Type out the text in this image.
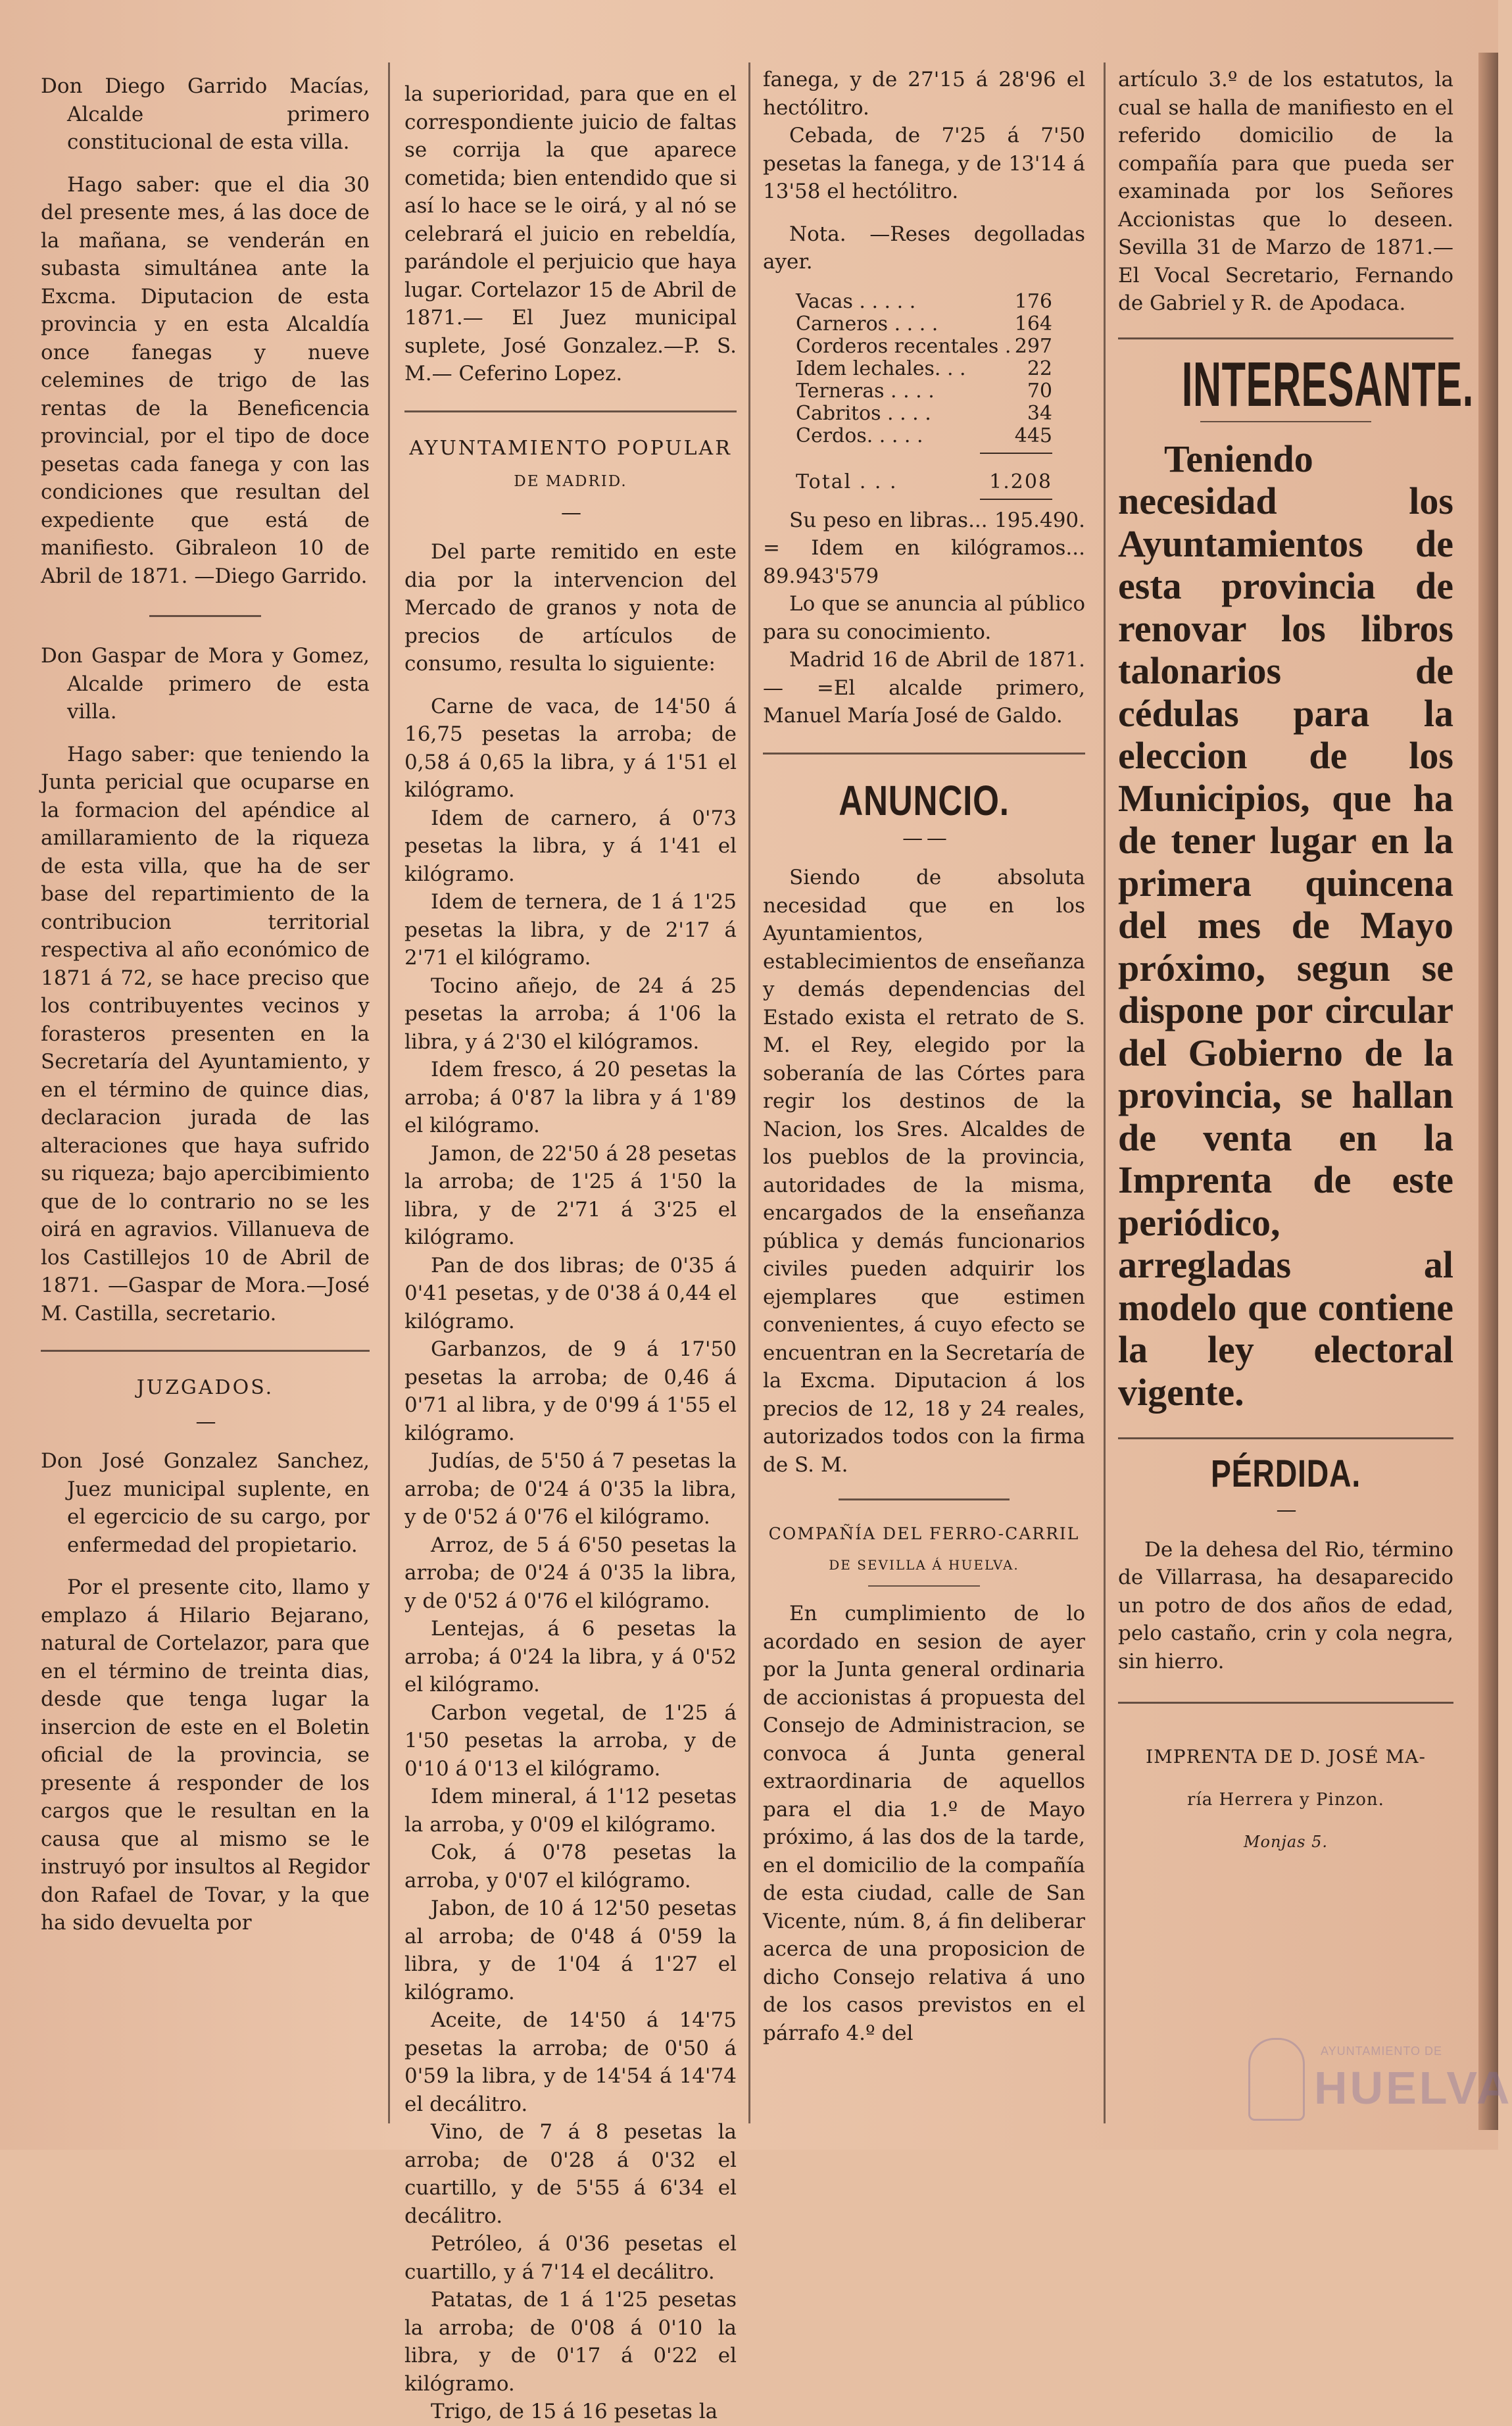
Don Diego Garrido Macías, Alcalde primero constitucional de esta villa.

Hago saber: que el dia 30 del presente mes, á las doce de la mañana, se venderán en subasta simultánea ante la Excma. Diputacion de esta provincia y en esta Alcaldía once fanegas y nueve celemines de trigo de las rentas de la Beneficencia provincial, por el tipo de doce pesetas cada fanega y con las condiciones que resultan del expediente que está de manifiesto. Gibraleon 10 de Abril de 1871. —Diego Garrido.

Don Gaspar de Mora y Gomez, Alcalde primero de esta villa.

Hago saber: que teniendo la Junta pericial que ocuparse en la formacion del apéndice al amillaramiento de la riqueza de esta villa, que ha de ser base del repartimiento de la contribucion territorial respectiva al año económico de 1871 á 72, se hace preciso que los contribuyentes vecinos y forasteros presenten en la Secretaría del Ayuntamiento, y en el término de quince dias, declaracion jurada de las alteraciones que haya sufrido su riqueza; bajo apercibimiento que de lo contrario no se les oirá en agravios. Villanueva de los Castillejos 10 de Abril de 1871. —Gaspar de Mora.—José M. Castilla, secretario.

JUZGADOS.

—

Don José Gonzalez Sanchez, Juez municipal suplente, en el egercicio de su cargo, por enfermedad del propietario.

Por el presente cito, llamo y emplazo á Hilario Bejarano, natural de Cortelazor, para que en el término de treinta dias, desde que tenga lugar la insercion de este en el Boletin oficial de la provincia, se presente á responder de los cargos que le resultan en la causa que al mismo se le instruyó por insultos al Regidor don Rafael de Tovar, y la que ha sido devuelta por

la superioridad, para que en el correspondiente juicio de faltas se corrija la que aparece cometida; bien entendido que si así lo hace se le oirá, y al nó se celebrará el juicio en rebeldía, parándole el perjuicio que haya lugar. Cortelazor 15 de Abril de 1871.— El Juez municipal suplete, José Gonzalez.—P. S. M.— Ceferino Lopez.

AYUNTAMIENTO POPULAR

DE MADRID.

—

Del parte remitido en este dia por la intervencion del Mercado de granos y nota de precios de artículos de consumo, resulta lo siguiente:

Carne de vaca, de 14'50 á 16,75 pesetas la arroba; de 0,58 á 0,65 la libra, y á 1'51 el kilógramo.

Idem de carnero, á 0'73 pesetas la libra, y á 1'41 el kilógramo.

Idem de ternera, de 1 á 1'25 pesetas la libra, y de 2'17 á 2'71 el kilógramo.

Tocino añejo, de 24 á 25 pesetas la arroba; á 1'06 la libra, y á 2'30 el kilógramos.

Idem fresco, á 20 pesetas la arroba; á 0'87 la libra y á 1'89 el kilógramo.

Jamon, de 22'50 á 28 pesetas la arroba; de 1'25 á 1'50 la libra, y de 2'71 á 3'25 el kilógramo.

Pan de dos libras; de 0'35 á 0'41 pesetas, y de 0'38 á 0,44 el kilógramo.

Garbanzos, de 9 á 17'50 pesetas la arroba; de 0,46 á 0'71 al libra, y de 0'99 á 1'55 el kilógramo.

Judías, de 5'50 á 7 pesetas la arroba; de 0'24 á 0'35 la libra, y de 0'52 á 0'76 el kilógramo.

Arroz, de 5 á 6'50 pesetas la arroba; de 0'24 á 0'35 la libra, y de 0'52 á 0'76 el kilógramo.

Lentejas, á 6 pesetas la arroba; á 0'24 la libra, y á 0'52 el kilógramo.

Carbon vegetal, de 1'25 á 1'50 pesetas la arroba, y de 0'10 á 0'13 el kilógramo.

Idem mineral, á 1'12 pesetas la arroba, y 0'09 el kilógramo.

Cok, á 0'78 pesetas la arroba, y 0'07 el kilógramo.

Jabon, de 10 á 12'50 pesetas al arroba; de 0'48 á 0'59 la libra, y de 1'04 á 1'27 el kilógramo.

Aceite, de 14'50 á 14'75 pesetas la arroba; de 0'50 á 0'59 la libra, y de 14'54 á 14'74 el decálitro.

Vino, de 7 á 8 pesetas la arroba; de 0'28 á 0'32 el cuartillo, y de 5'55 á 6'34 el decálitro.

Petróleo, á 0'36 pesetas el cuartillo, y á 7'14 el decálitro.

Patatas, de 1 á 1'25 pesetas la arroba; de 0'08 á 0'10 la libra, y de 0'17 á 0'22 el kilógramo.

Trigo, de 15 á 16 pesetas la

fanega, y de 27'15 á 28'96 el hectólitro.

Cebada, de 7'25 á 7'50 pesetas la fanega, y de 13'14 á 13'58 el hectólitro.

Nota. —Reses degolladas ayer.

Vacas . . . . .	176
Carneros . . . .	164
Corderos recentales . 297
Idem lechales. . .	22
Terneras . . . .	70
Cabritos . . . .	34
Cerdos. . . . .	445
Total . . .	1.208

Su peso en libras... 195.490. = Idem en kilógramos... 89.943'579

Lo que se anuncia al público para su conocimiento.

Madrid 16 de Abril de 1871.— =El alcalde primero, Manuel María José de Galdo.

ANUNCIO.

— —

Siendo de absoluta necesidad que en los Ayuntamientos, establecimientos de enseñanza y demás dependencias del Estado exista el retrato de S. M. el Rey, elegido por la soberanía de las Córtes para regir los destinos de la Nacion, los Sres. Alcaldes de los pueblos de la provincia, autoridades de la misma, encargados de la enseñanza pública y demás funcionarios civiles pueden adquirir los ejemplares que estimen convenientes, á cuyo efecto se encuentran en la Secretaría de la Excma. Diputacion á los precios de 12, 18 y 24 reales, autorizados todos con la firma de S. M.

COMPAÑÍA DEL FERRO-CARRIL

DE SEVILLA Á HUELVA.

En cumplimiento de lo acordado en sesion de ayer por la Junta general ordinaria de accionistas á propuesta del Consejo de Administracion, se convoca á Junta general extraordinaria de aquellos para el dia 1.º de Mayo próximo, á las dos de la tarde, en el domicilio de la compañía de esta ciudad, calle de San Vicente, núm. 8, á fin deliberar acerca de una proposicion de dicho Consejo relativa á uno de los casos previstos en el párrafo 4.º del

artículo 3.º de los estatutos, la cual se halla de manifiesto en el referido domicilio de la compañía para que pueda ser examinada por los Señores Accionistas que lo deseen. Sevilla 31 de Marzo de 1871.—El Vocal Secretario, Fernando de Gabriel y R. de Apodaca.

INTERESANTE.

Teniendo necesidad los Ayuntamientos de esta provincia de renovar los libros talonarios de cédulas para la eleccion de los Municipios, que ha de tener lugar en la primera quincena del mes de Mayo próximo, segun se dispone por circular del Gobierno de la provincia, se hallan de venta en la Imprenta de este periódico, arregladas al modelo que contiene la ley electoral vigente.

PÉRDIDA.

—

De la dehesa del Rio, término de Villarrasa, ha desaparecido un potro de dos años de edad, pelo castaño, crin y cola negra, sin hierro.

IMPRENTA DE D. JOSÉ MA-

ría Herrera y Pinzon.

Monjas 5.

AYUNTAMIENTO DE
HUELVA
